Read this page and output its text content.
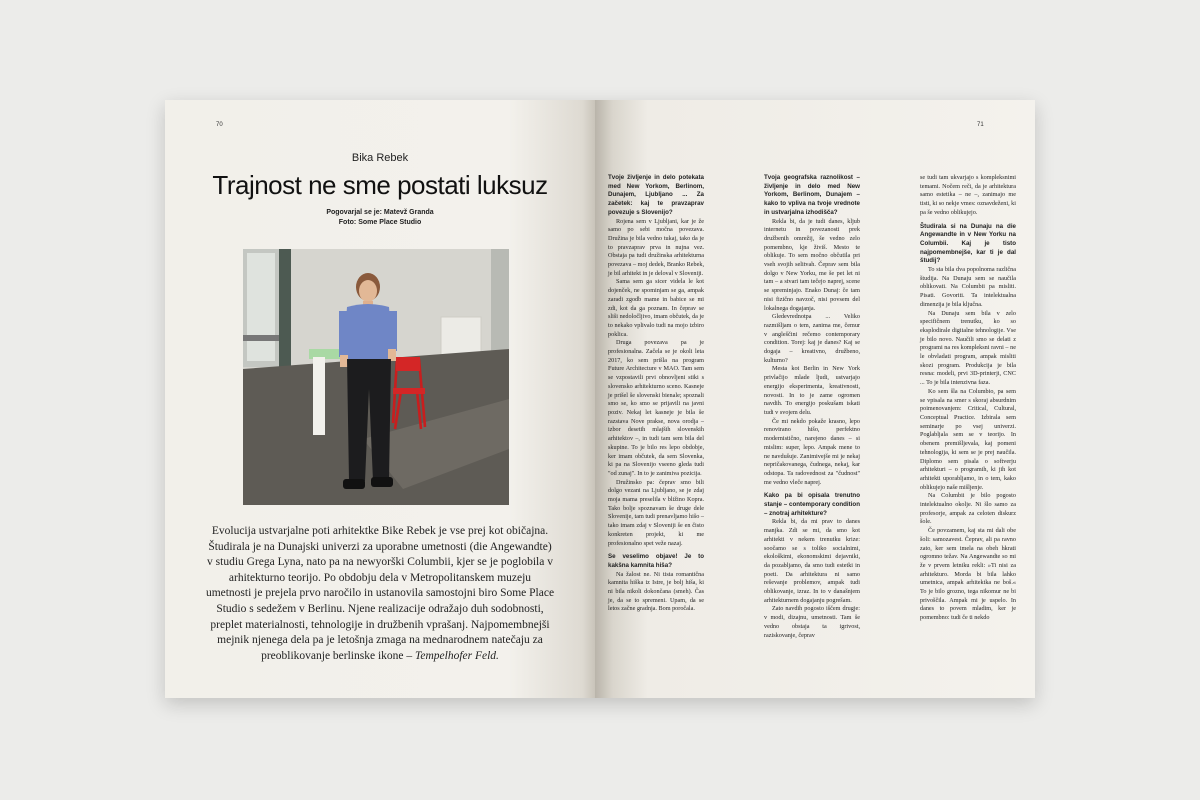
70
Bika Rebek
Trajnost ne sme postati luksuz
Pogovarjal se je: Matevž Granda
Foto: Some Place Studio

Evolucija ustvarjalne poti arhitektke Bike Rebek je vse prej kot običajna. Študirala je na Dunajski univerzi za uporabne umetnosti (die Angewandte) v studiu Grega Lyna, nato pa na newyorški Columbii, kjer se je poglobila v arhitekturno teorijo. Po obdobju dela v Metropolitanskem muzeju umetnosti je prejela prvo naročilo in ustanovila samostojni biro Some Place Studio s sedežem v Berlinu. Njene realizacije odražajo duh sodobnosti, preplet materialnosti, tehnologije in družbenih vprašanj. Najpomembnejši mejnik njenega dela pa je letošnja zmaga na mednarodnem natečaju za preoblikovanje berlinske ikone – Tempelhofer Feld.

71

Tvoje življenje in delo potekata med New Yorkom, Berlinom, Dunajem, Ljubljano ... Za začetek: kaj te pravzaprav povezuje s Slovenijo?

Rojena sem v Ljubljani, kar je že samo po sebi močna povezava. Družina je bila vedno tukaj, tako da je to pravzaprav prva in nujna vez. Obstaja pa tudi družinska arhitekturna povezava – moj dedek, Branko Rebek, je bil arhitekt in je deloval v Sloveniji.

Sama sem ga sicer videla le kot dojenček, ne spominjam se ga, ampak zaradi zgodb mame in babice se mi zdi, kot da ga poznam. In čeprav se sliši nedoločljivo, imam občutek, da je to nekako vplivalo tudi na mojo izbiro poklica.

Druga povezava pa je profesionalna. Začela se je okoli leta 2017, ko sem prišla na program Future Architecture v MAO. Tam sem se vzpostavili prvi obnovljeni stiki s slovensko arhitekturno sceno. Kasneje je prišel še slovenski bienale; spoznali smo se, ko smo se prijavili na javni poziv. Nekaj let kasneje je bila še razstava Nove prakse, nova orodja – izbor desetih mlajših slovenskih arhitektov –, in tudi tam sem bila del skupine. To je bilo res lepo obdobje, ker imam občutek, da sem Slovenka, ki pa na Slovenijo vseeno gleda tudi "od zunaj". In to je zanimiva pozicija.

Družinsko pa: čeprav smo bili dolgo vezani na Ljubljano, se je zdaj moja mama preselila v bližino Kopra. Tako bolje spoznavam še druge dele Slovenije, tam tudi prenavljamo hišo – tako imam zdaj v Sloveniji še en čisto konkreten projekt, ki me profesionalno spet veže nazaj.

Se veselimo objave! Je to kakšna kamnita hiša?

Na žalost ne. Ni tista romantična kamnita hiška iz Istre, je bolj hiša, ki ni bila nikoli dokončana (smeh). Čas je, da se to spremeni. Upam, da se letos začne gradnja. Bom poročala.

Tvoja geografska raznolikost – življenje in delo med New Yorkom, Berlinom, Dunajem – kako to vpliva na tvoje vrednote in ustvarjalna izhodišča?

Rekla bi, da je tudi danes, kljub internetu in povezanosti prek družbenih omrežij, še vedno zelo pomembno, kje živiš. Mesto te oblikuje. To sem močno občutila pri vseh svojih selitvah. Čeprav sem bila dolgo v New Yorku, me še pet let ni tam – a stvari tam tečejo naprej, scene se spreminjajo. Enako Dunaj: če tam nisi fizično navzoč, nisi povsem del lokalnega dogajanja.

Gledevrednotpa ... Veliko razmišljam o tem, zanima me, čemur v angleščini rečemo contemporary condition. Torej: kaj je danes? Kaj se dogaja – kreativno, družbeno, kulturno?

Mesta kot Berlin in New York privlačijo mlade ljudi, ustvarjajo energijo eksperimenta, kreativnosti, novosti. In to je zame ogromen navdih. To energijo poskušam iskati tudi v svojem delu.

Če mi nekdo pokaže krasno, lepo renovirano hišo, perfektno modernistično, narejeno danes – si mislim: super, lepo. Ampak mene to ne navdušuje. Zanimivejše mi je nekaj nepričakovanega, čudnega, nekaj, kar odstopa. Ta radovednost za "čudnost" me vedno vleče naprej.

Kako pa bi opisala trenutno stanje – contemporary condition – znotraj arhitekture?

Rekla bi, da mi prav to danes manjka. Zdi se mi, da smo kot arhitekti v nekem trenutku krize: soočamo se s toliko socialnimi, ekološkimi, ekonomskimi dejavniki, da pozabljamo, da smo tudi estetki in poeti. Da arhitektura ni samo reševanje problemov, ampak tudi oblikovanje, izraz. In to v današnjem arhitekturnem dogajanju pogrešam.

Zato navdih pogosto iščem drugje: v modi, dizajnu, umetnosti. Tam še vedno obstaja ta igrivost, raziskovanje, čeprav

se tudi tam ukvarjajo s kompleksnimi temami. Nočem reči, da je arhitektura samo estetika – ne –, zanimajo me tisti, ki so nekje vmes: oznavdeženi, ki pa še vedno oblikujejo.

Študirala si na Dunaju na die Angewandte in v New Yorku na Columbii. Kaj je tisto najpomembnejše, kar ti je dal študij?

To sta bila dva popolnoma različna študija. Na Dunaju sem se naučila oblikovati. Na Columbii pa misliti. Pisati. Govoriti. Ta intelektualna dimenzija je bila ključna.

Na Dunaju sem bila v zelo specifičnem trenutku, ko so eksplodirale digitalne tehnologije. Vse je bilo novo. Naučili smo se delati z programi na res kompleksni ravni – ne le obvladati program, ampak misliti skozi program. Produkcija je bila resna: modeli, prvi 3D-printerji, CNC ... To je bila intenzivna faza.

Ko sem šla na Columbio, pa sem se vpisala na smer s skoraj absurdnim poimenovanjem: Critical, Cultural, Conceptual Practice. Izbirala sem seminarje po vsej univerzi. Poglabljala sem se v teorijo. In obenem premišljevala, kaj pomeni tehnologija, ki sem se je prej naučila. Diplomo sem pisala o softverju arhitekturi – o programih, ki jih kot arhitekti uporabljamo, in o tem, kako oblikujejo naše mišljenje.

Na Columbii je bilo pogosto intelektualno okolje. Ni šlo samo za profesorje, ampak za celoten diskurz šole.

Če povzamem, kaj sta mi dali obe šoli: samozavest. Čeprav, ali pa ravno zato, ker sem imela na obeh hkrati ogromno težav. Na Angewandte so mi že v prvem letniku rekli: »Ti nisi za arhitekturo. Morda bi bila lahko umetnica, ampak arhitektka ne boš.« To je bilo grozno, tega nikomur ne bi privoščila. Ampak mi je uspelo. In danes to povem mladim, ker je pomembno: tudi če ti nekdo
